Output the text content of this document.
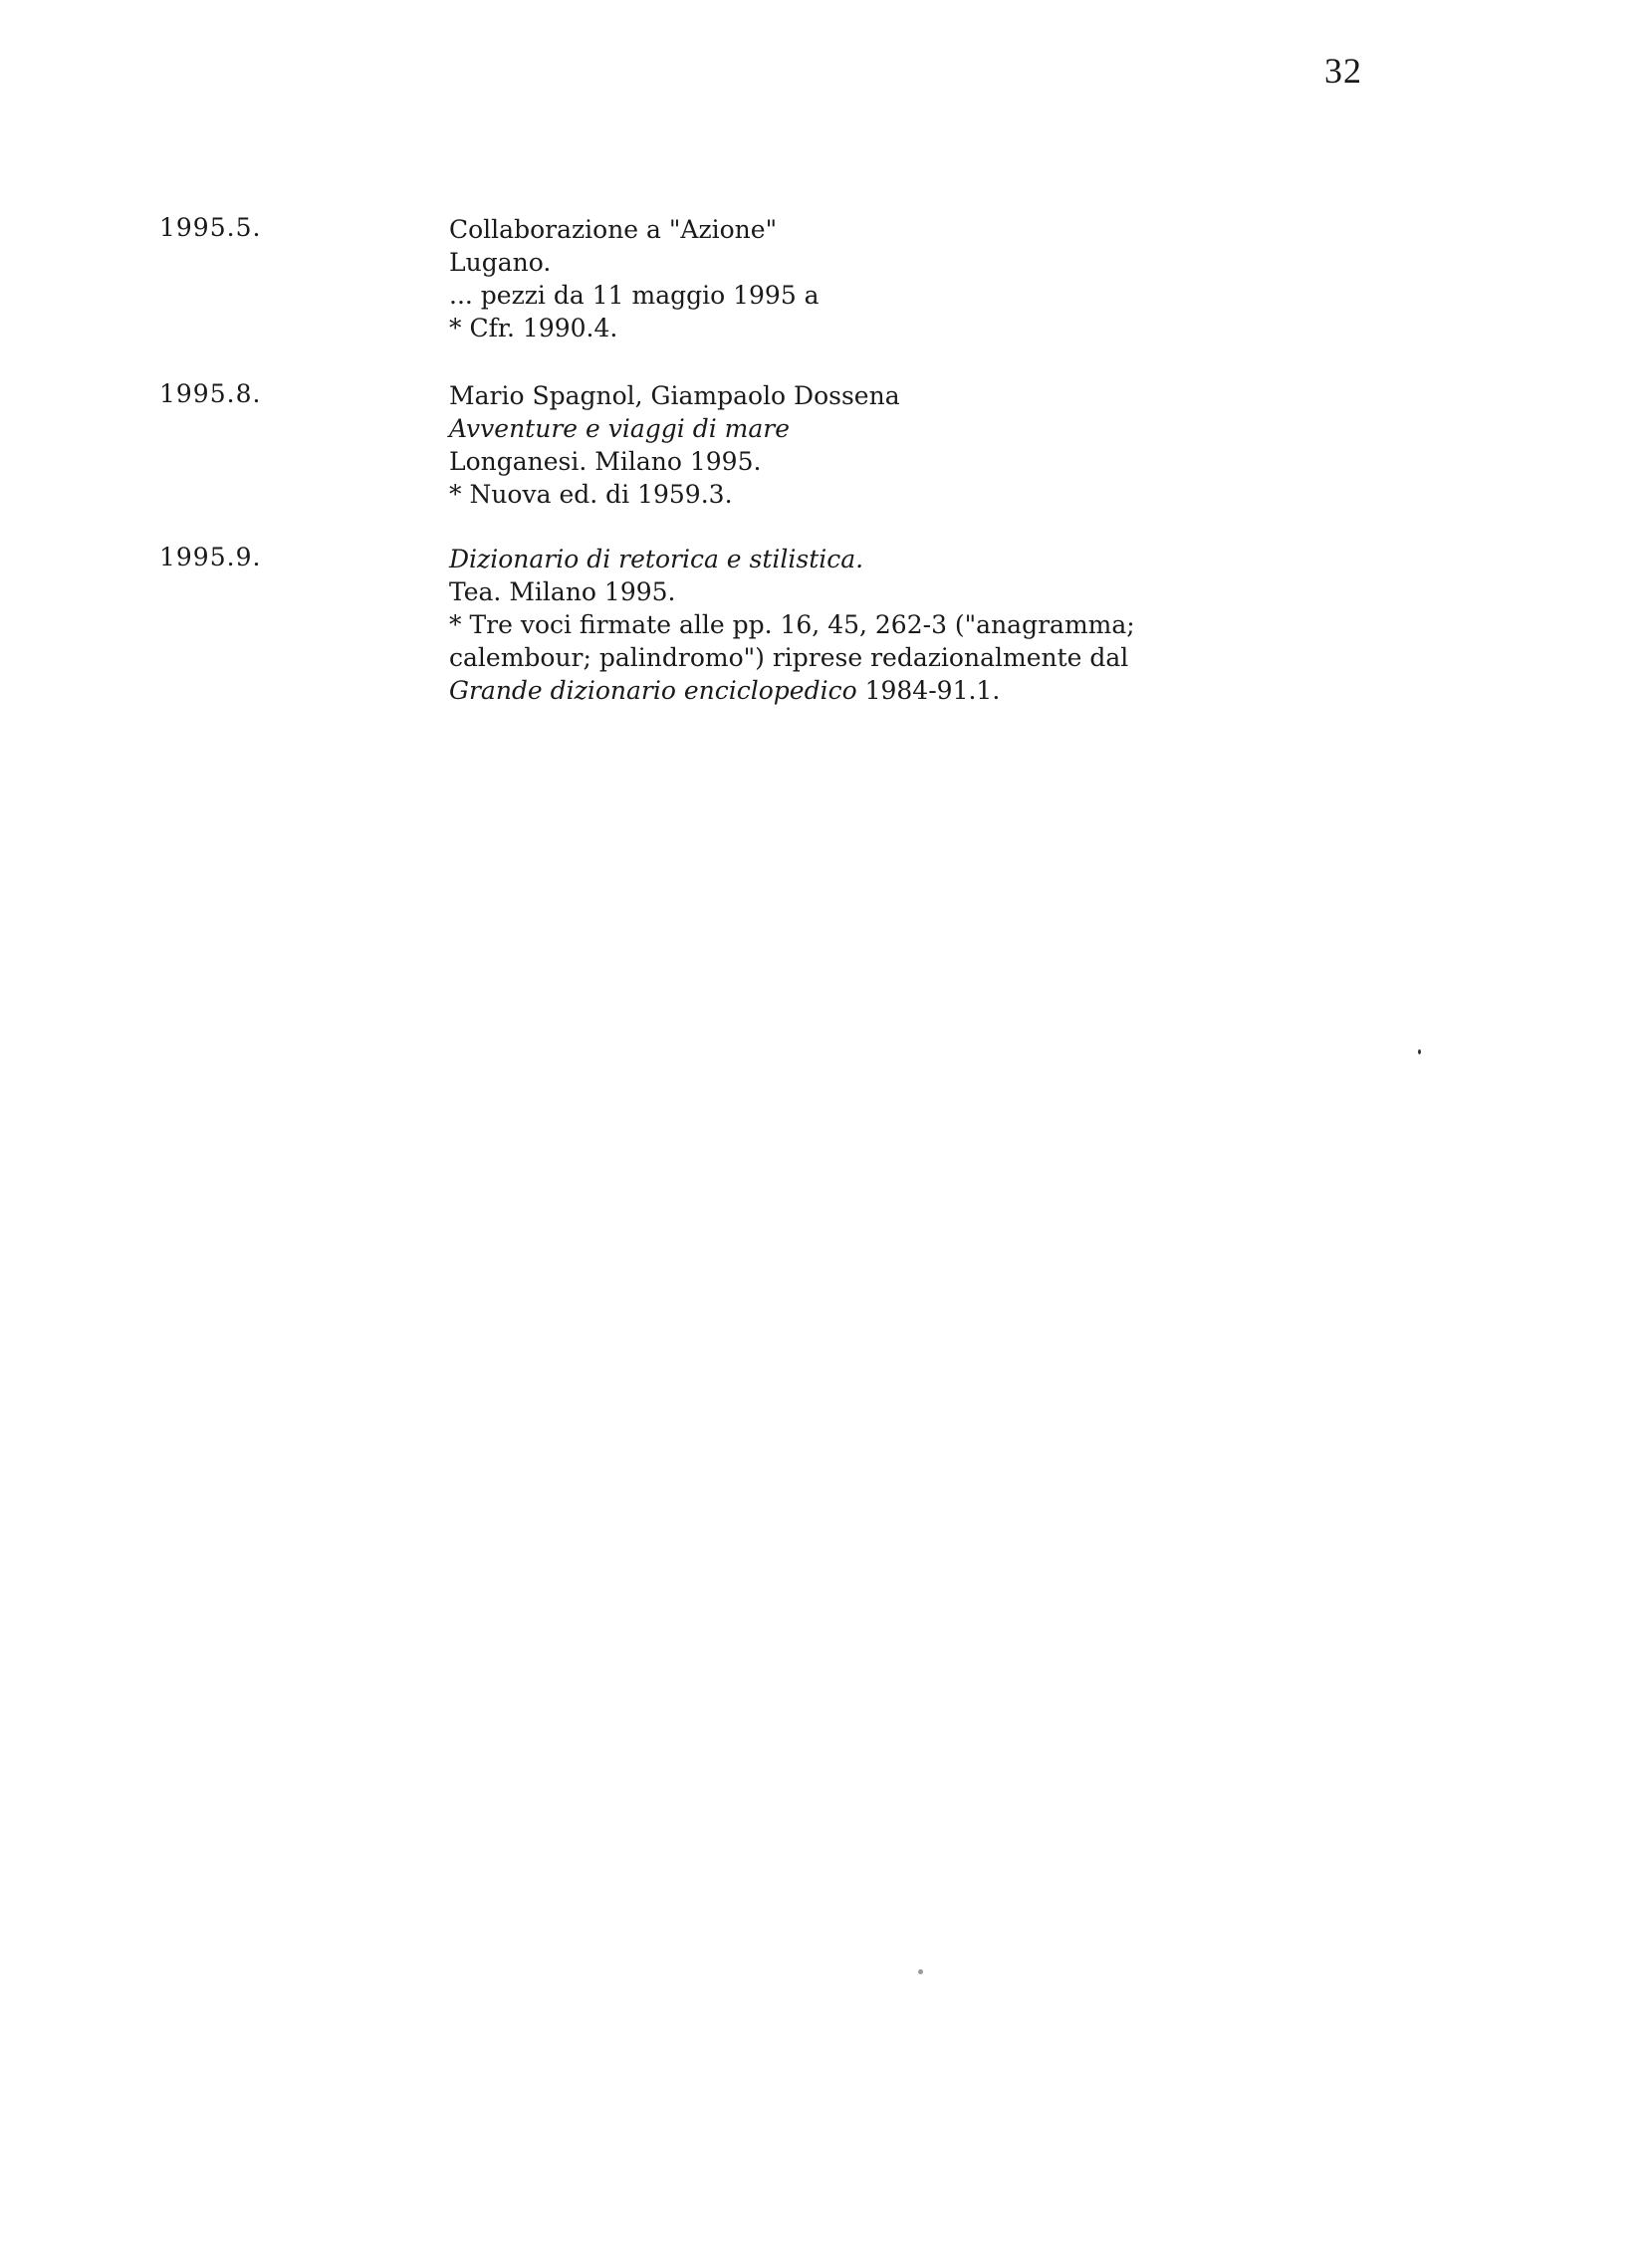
32
1995.5.	Collaborazione a "Azione"
Lugano.
... pezzi da 11 maggio 1995 a
* Cfr. 1990.4.
1995.8.	Mario Spagnol, Giampaolo Dossena
Avventure e viaggi di mare
Longanesi. Milano 1995.
* Nuova ed. di 1959.3.
1995.9.	Dizionario di retorica e stilistica.
Tea. Milano 1995.
* Tre voci firmate alle pp. 16, 45, 262-3 ("anagramma;
calembour; palindromo") riprese redazionalmente dal
Grande dizionario enciclopedico 1984-91.1.
